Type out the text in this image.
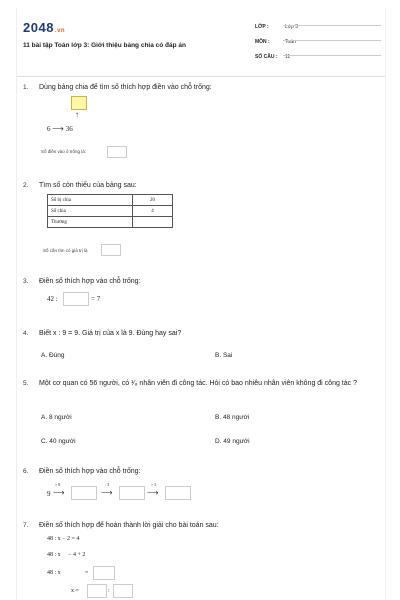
2048.vn
11 bài tập Toán lớp 3: Giới thiệu bảng chia có đáp án
LỚP :	Lớp 3
MÔN :	Toán
SỐ CÂU : 11
1. Dùng bảng chia để tìm số thích hợp điền vào chỗ trống:
↑
6 ⟶ 36
Số điền vào ô trống là:
2. Tìm số còn thiếu của bảng sau:
Số bị chia	20
Số chia	4
Thương	
Số cần tìm có giá trị là
3. Điền số thích hợp vào chỗ trống:
42 :	= 7
4. Biết x : 9 = 9. Giá trị của x là 9. Đúng hay sai?
A. Đúng	B. Sai
5. Một cơ quan có 56 người, có ¹⁄₈ nhân viên đi công tác. Hỏi có bao nhiêu nhân viên không đi công tác ?
A. 8 người	B. 48 người
C. 40 người	D. 49 người
6. Điền số thích hợp vào chỗ trống:
9
× 8
⟶
: 3
⟶
× 5
⟶
7. Điền số thích hợp để hoàn thành lời giải cho bài toán sau:
48 : x − 2 = 4
48 : x     − 4 + 2
48 : x	=
x =	:
